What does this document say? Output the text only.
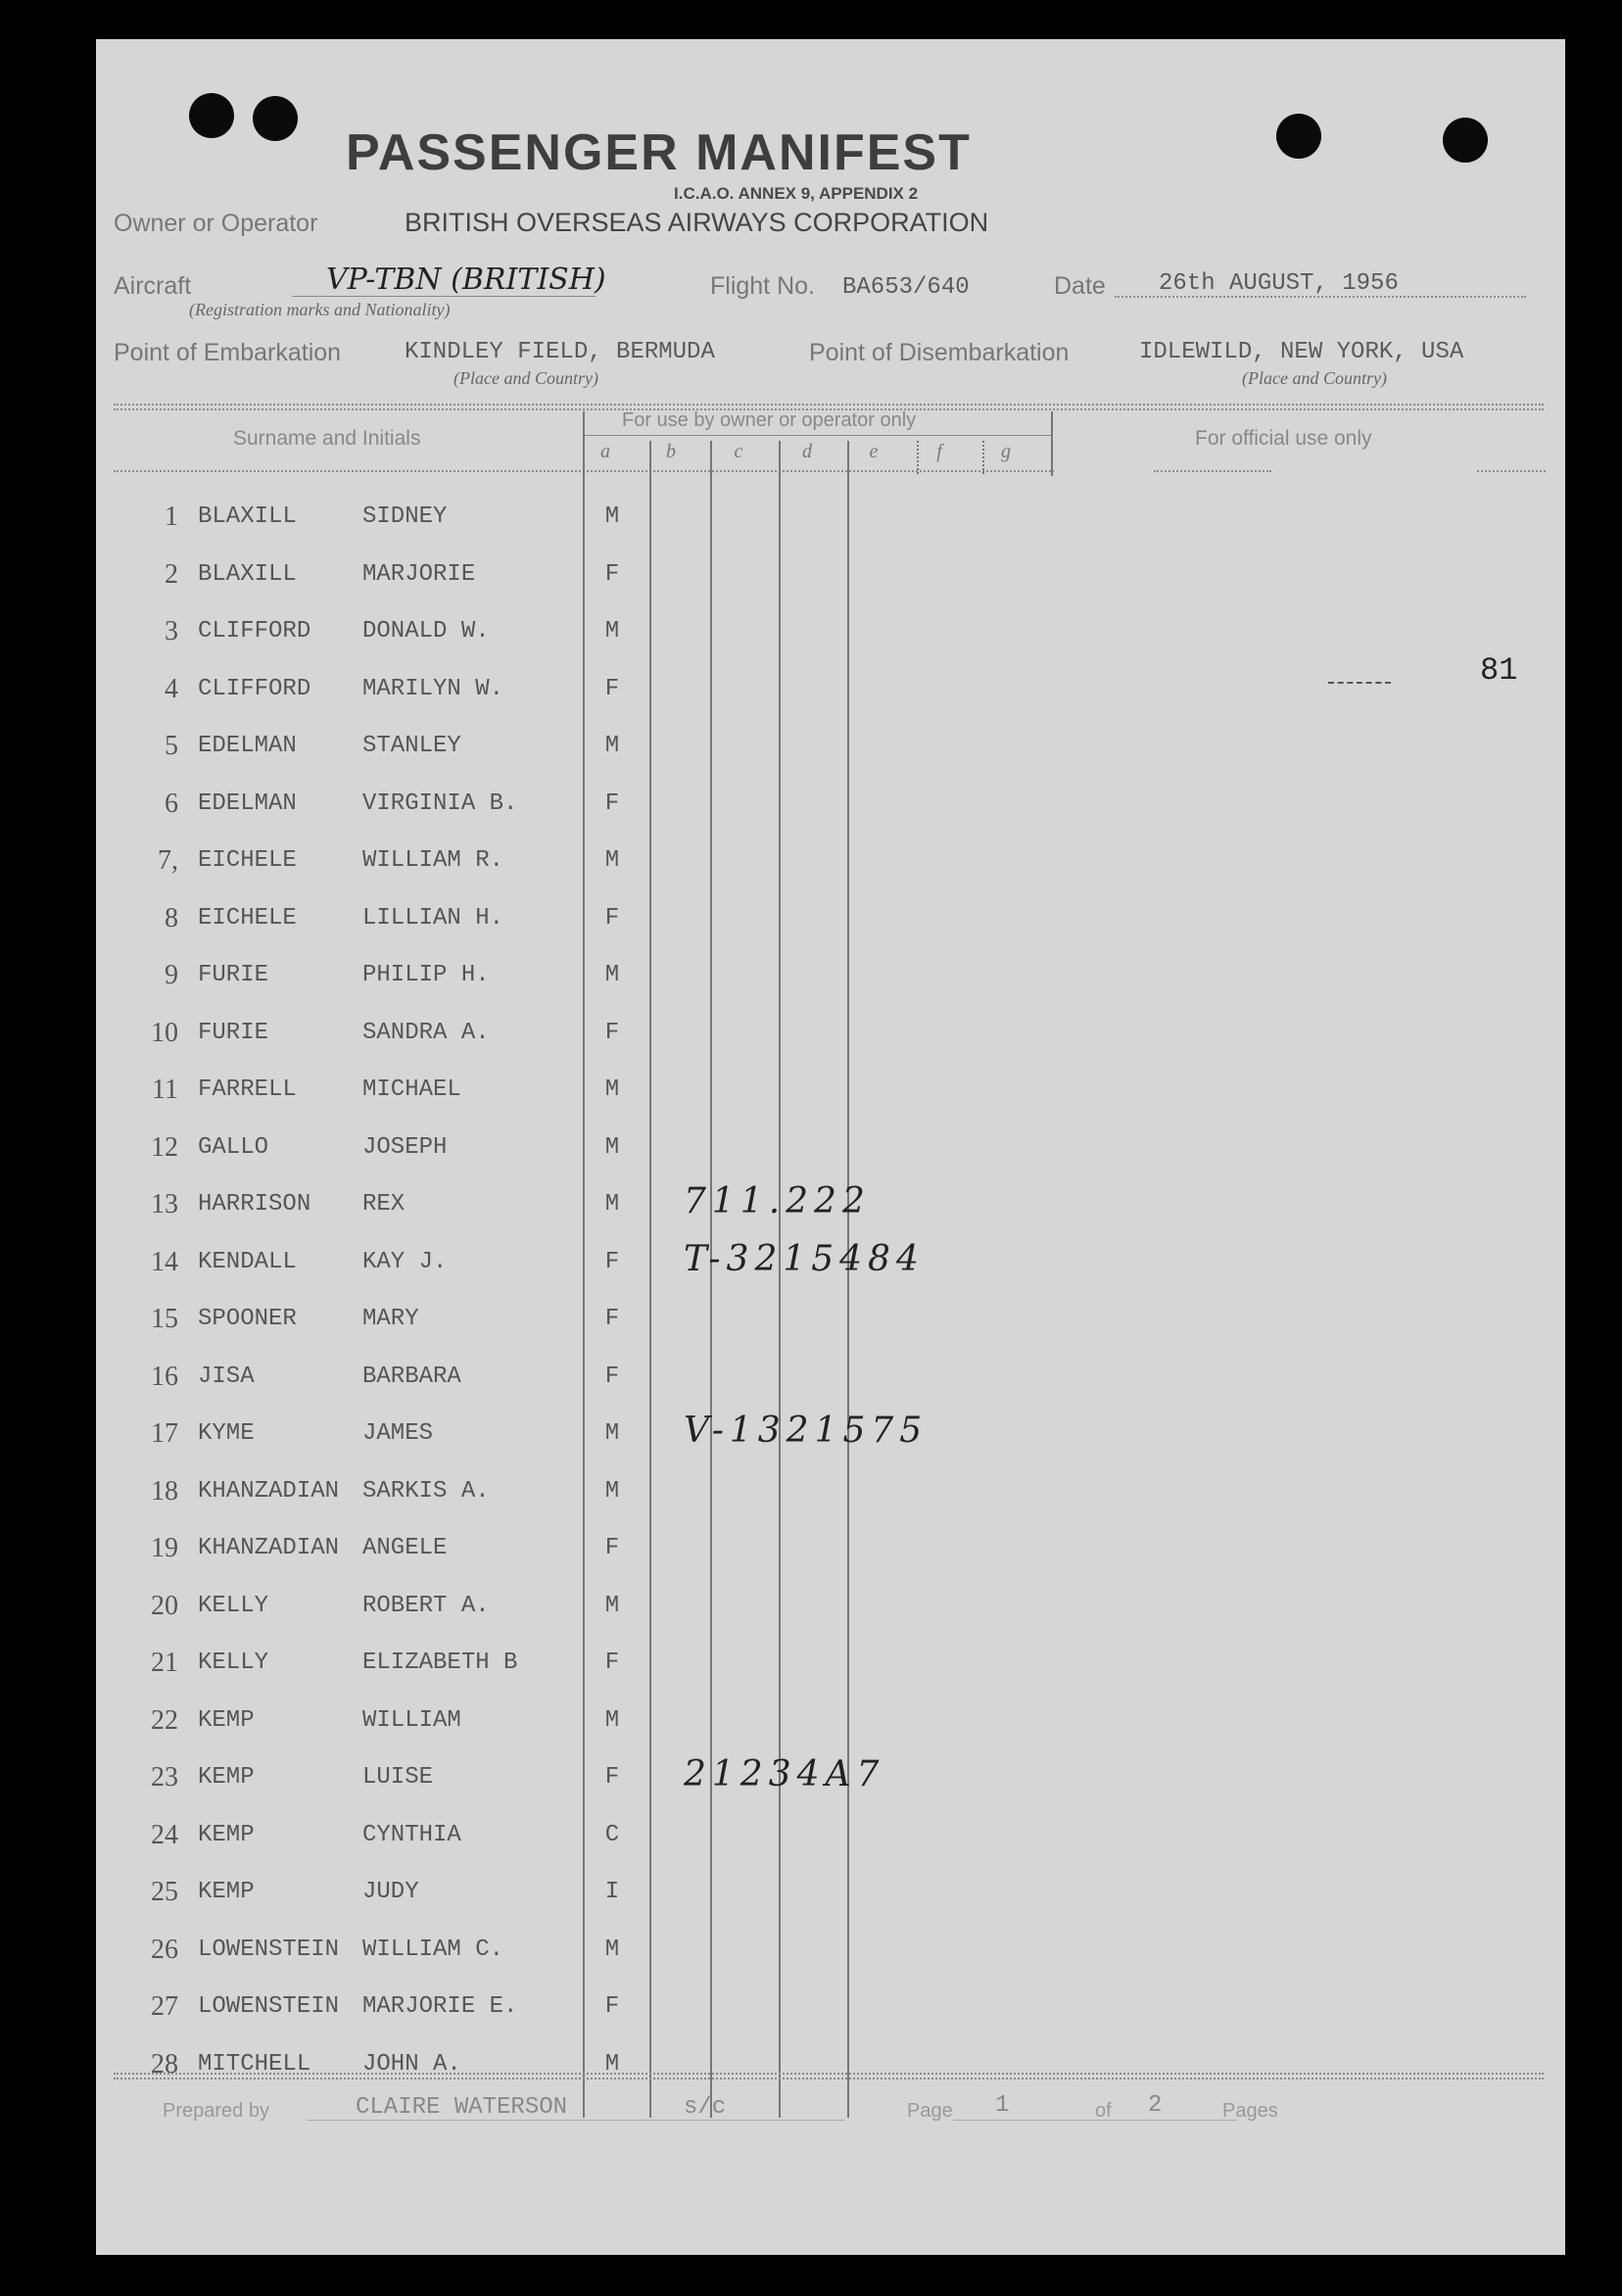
PASSENGER MANIFEST
I.C.A.O. ANNEX 9, APPENDIX 2
Owner or Operator	BRITISH OVERSEAS AIRWAYS CORPORATION
Aircraft	VP-TBN (BRITISH)
(Registration marks and Nationality)
Flight No. BA653/640	Date 26th AUGUST, 1956
Point of Embarkation	KINDLEY FIELD, BERMUDA
(Place and Country)
Point of Disembarkation	IDLEWILD, NEW YORK, USA
(Place and Country)
Surname and Initials
For use by owner or operator only
For official use only
a	b	c	d	e	f	g
81
1 BLAXILL	SIDNEY	M
2 BLAXILL	MARJORIE	F
3 CLIFFORD DONALD W.	M
4 CLIFFORD MARILYN W.	F
5 EDELMAN	STANLEY	M
6 EDELMAN	VIRGINIA B.	F
7, EICHELE	WILLIAM R.	M
8 EICHELE	LILLIAN H.	F
9 FURIE	PHILIP H.	M
10 FURIE	SANDRA A.	F
11 FARRELL	MICHAEL	M
12 GALLO	JOSEPH	M
13 HARRISON REX	M 711.222
14 KENDALL	KAY J.	F T-3215484
15 SPOONER	MARY	F
16 JISA	BARBARA	F
17 KYME	JAMES	M V-1321575
18 KHANZADIAN SARKIS A.	M
19 KHANZADIAN ANGELE	F
20 KELLY	ROBERT A.	M
21 KELLY	ELIZABETH B	F
22 KEMP	WILLIAM	M
23 KEMP	LUISE	F 21234A7
24 KEMP	CYNTHIA	C
25 KEMP	JUDY	I
26 LOWENSTEIN WILLIAM C.	M
27 LOWENSTEIN MARJORIE E.	F
28 MITCHELL JOHN A.	M
Prepared by	CLAIRE WATERSON	s/c	Page 1	of 2	Pages
